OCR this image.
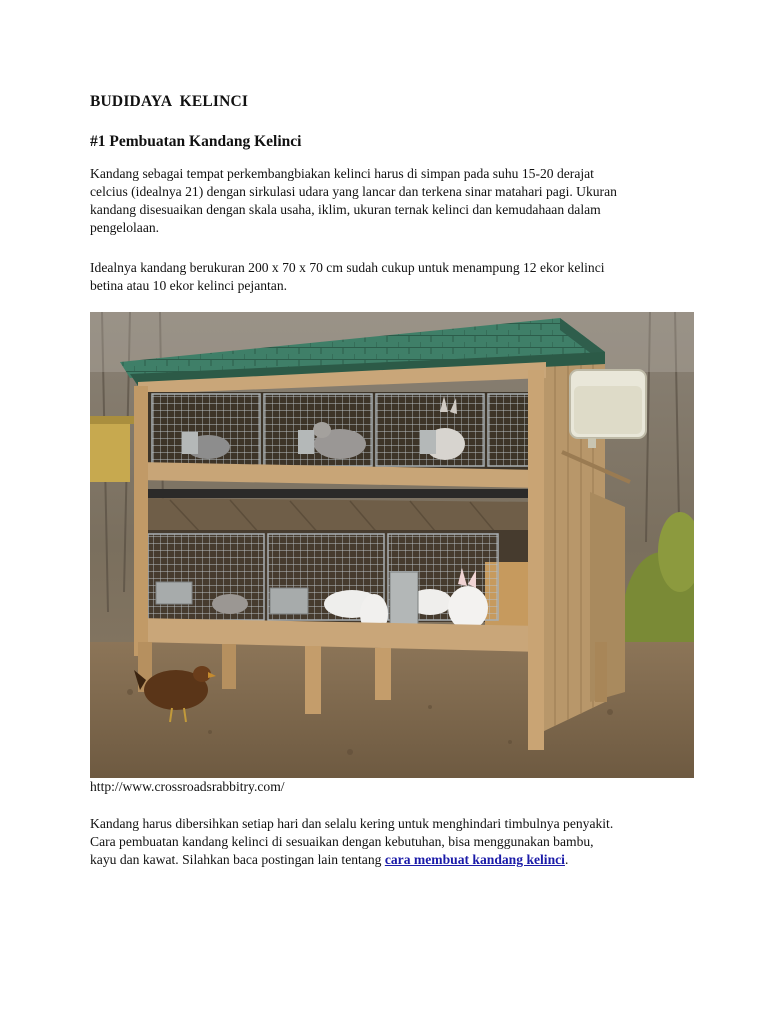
BUDIDAYA  KELINCI
#1 Pembuatan Kandang Kelinci
Kandang sebagai tempat perkembangbiakan kelinci harus di simpan pada suhu 15-20 derajat
celcius (idealnya 21) dengan sirkulasi udara yang lancar dan terkena sinar matahari pagi. Ukuran
kandang disesuaikan dengan skala usaha, iklim, ukuran ternak kelinci dan kemudahaan dalam
pengelolaan.
Idealnya kandang berukuran 200 x 70 x 70 cm sudah cukup untuk menampung 12 ekor kelinci
betina atau 10 ekor kelinci pejantan.
http://www.crossroadsrabbitry.com/
Kandang harus dibersihkan setiap hari dan selalu kering untuk menghindari timbulnya penyakit.
Cara pembuatan kandang kelinci di sesuaikan dengan kebutuhan, bisa menggunakan bambu,
kayu dan kawat. Silahkan baca postingan lain tentang cara membuat kandang kelinci.
